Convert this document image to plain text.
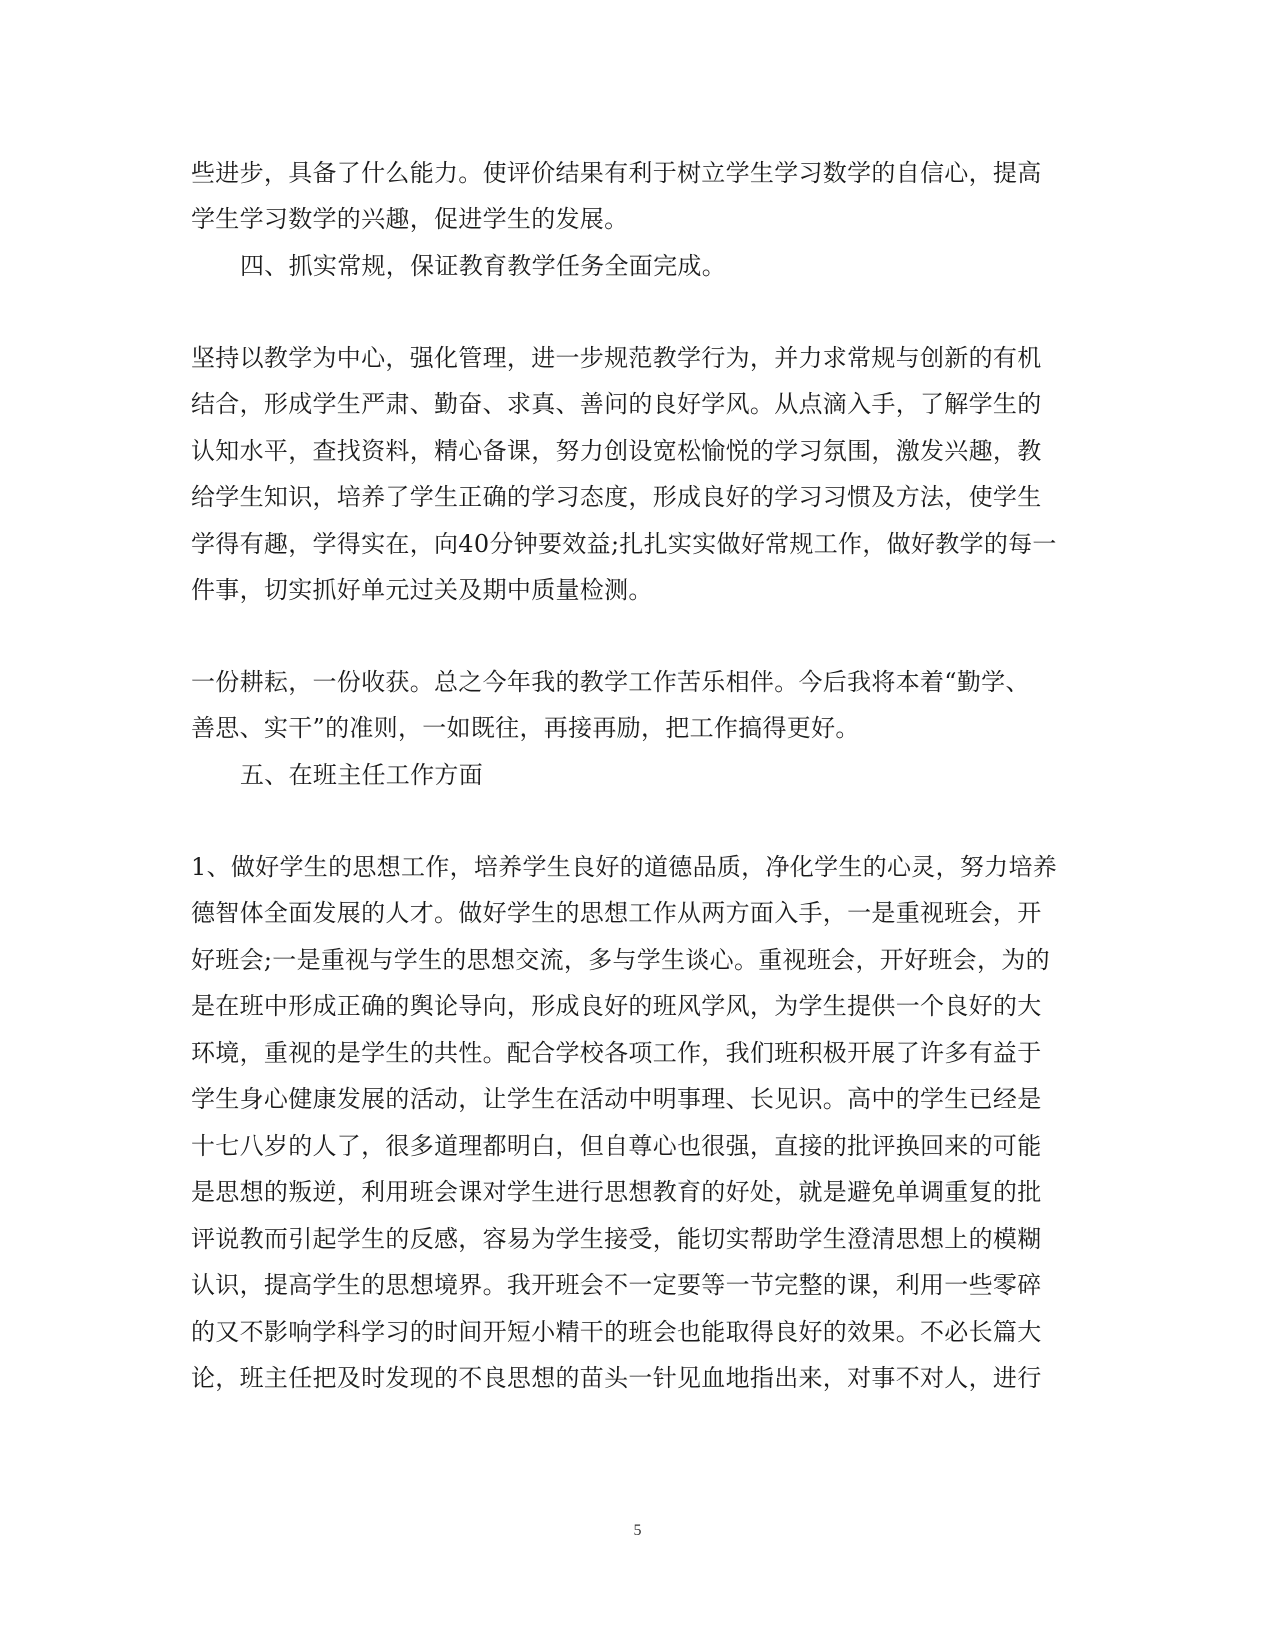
些进步，具备了什么能力。使评价结果有利于树立学生学习数学的自信心，提高
学生学习数学的兴趣，促进学生的发展。
四、抓实常规，保证教育教学任务全面完成。
坚持以教学为中心，强化管理，进一步规范教学行为，并力求常规与创新的有机
结合，形成学生严肃、勤奋、求真、善问的良好学风。从点滴入手，了解学生的
认知水平，查找资料，精心备课，努力创设宽松愉悦的学习氛围，激发兴趣，教
给学生知识，培养了学生正确的学习态度，形成良好的学习习惯及方法，使学生
学得有趣，学得实在，向40分钟要效益;扎扎实实做好常规工作，做好教学的每一
件事，切实抓好单元过关及期中质量检测。
一份耕耘，一份收获。总之今年我的教学工作苦乐相伴。今后我将本着“勤学、
善思、实干”的准则，一如既往，再接再励，把工作搞得更好。
五、在班主任工作方面
1、做好学生的思想工作，培养学生良好的道德品质，净化学生的心灵，努力培养
德智体全面发展的人才。做好学生的思想工作从两方面入手，一是重视班会，开
好班会;一是重视与学生的思想交流，多与学生谈心。重视班会，开好班会，为的
是在班中形成正确的舆论导向，形成良好的班风学风，为学生提供一个良好的大
环境，重视的是学生的共性。配合学校各项工作，我们班积极开展了许多有益于
学生身心健康发展的活动，让学生在活动中明事理、长见识。高中的学生已经是
十七八岁的人了，很多道理都明白，但自尊心也很强，直接的批评换回来的可能
是思想的叛逆，利用班会课对学生进行思想教育的好处，就是避免单调重复的批
评说教而引起学生的反感，容易为学生接受，能切实帮助学生澄清思想上的模糊
认识，提高学生的思想境界。我开班会不一定要等一节完整的课，利用一些零碎
的又不影响学科学习的时间开短小精干的班会也能取得良好的效果。不必长篇大
论，班主任把及时发现的不良思想的苗头一针见血地指出来，对事不对人，进行
5
